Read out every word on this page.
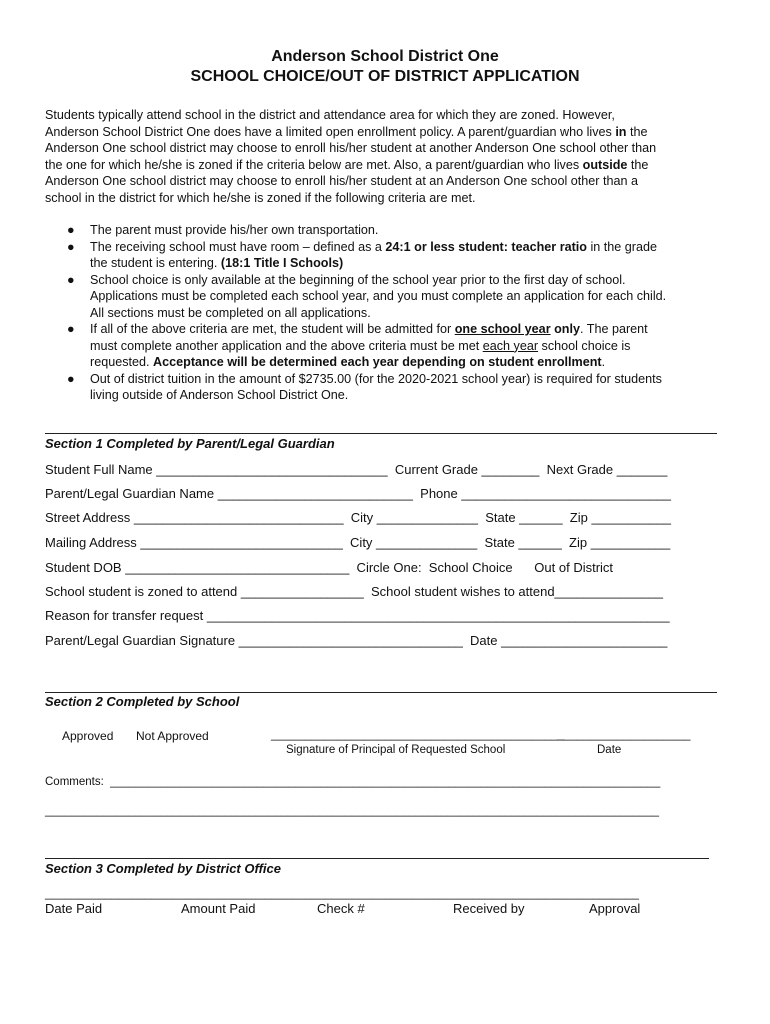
Anderson School District One
SCHOOL CHOICE/OUT OF DISTRICT APPLICATION
Students typically attend school in the district and attendance area for which they are zoned. However,
Anderson School District One does have a limited open enrollment policy. A parent/guardian who lives in the
Anderson One school district may choose to enroll his/her student at another Anderson One school other than
the one for which he/she is zoned if the criteria below are met. Also, a parent/guardian who lives outside the
Anderson One school district may choose to enroll his/her student at an Anderson One school other than a
school in the district for which he/she is zoned if the following criteria are met.
● The parent must provide his/her own transportation.
● The receiving school must have room – defined as a 24:1 or less student: teacher ratio in the grade
the student is entering. (18:1 Title I Schools)
● School choice is only available at the beginning of the school year prior to the first day of school.
Applications must be completed each school year, and you must complete an application for each child.
All sections must be completed on all applications.
● If all of the above criteria are met, the student will be admitted for one school year only. The parent
must complete another application and the above criteria must be met each year school choice is
requested. Acceptance will be determined each year depending on student enrollment.
● Out of district tuition in the amount of $2735.00 (for the 2020-2021 school year) is required for students
living outside of Anderson School District One.
Section 1 Completed by Parent/Legal Guardian
Student Full Name ________________________________  Current Grade ________  Next Grade _______
Parent/Legal Guardian Name ___________________________  Phone _____________________________
Street Address _____________________________  City ______________  State ______  Zip ___________
Mailing Address ____________________________  City ______________  State ______  Zip ___________
Student DOB _______________________________  Circle One:  School Choice      Out of District
School student is zoned to attend _________________  School student wishes to attend_______________
Reason for transfer request ________________________________________________________________
Parent/Legal Guardian Signature _______________________________  Date _______________________
Section 2 Completed by School
Approved Not Approved	____________________________________________
____________________
Signature of Principal of Requested School	Date
Comments:  ______________________________________________________________________________________
________________________________________________________________________________________________
Section 3 Completed by District Office
_________________________________________________________________________________________
Date Paid	Amount Paid	Check #	Received by	Approval
